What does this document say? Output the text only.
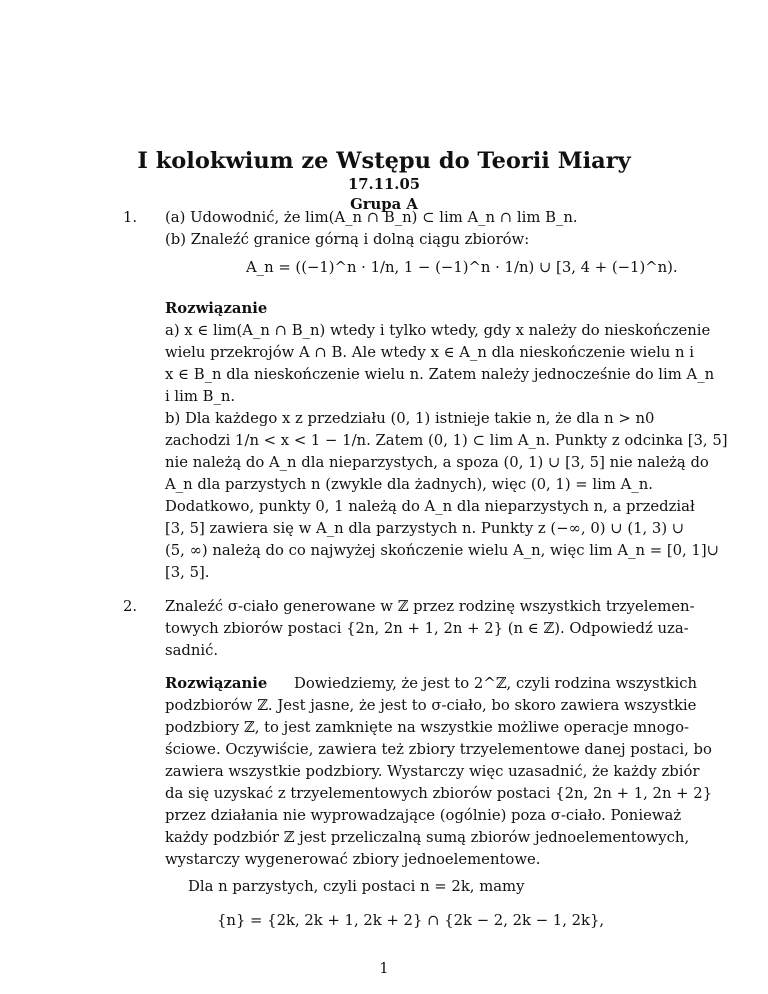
I kolokwium ze Wstępu do Teorii Miary
17.11.05
Grupa A
1. (a) Udowodnić, że lim(A_n ∩ B_n) ⊂ lim A_n ∩ lim B_n.
(b) Znaleźć granice górną i dolną ciągu zbiorów:
A_n = ((−1)^n · 1/n, 1 − (−1)^n · 1/n) ∪ [3, 4 + (−1)^n).
Rozwiązanie
a) x ∈ lim(A_n ∩ B_n) wtedy i tylko wtedy, gdy x należy do nieskończenie
wielu przekrojów A ∩ B. Ale wtedy x ∈ A_n dla nieskończenie wielu n i
x ∈ B_n dla nieskończenie wielu n. Zatem należy jednocześnie do lim A_n
i lim B_n.
b) Dla każdego x z przedziału (0, 1) istnieje takie n, że dla n > n0
zachodzi 1/n < x < 1 − 1/n. Zatem (0, 1) ⊂ lim A_n. Punkty z odcinka [3, 5]
nie należą do A_n dla nieparzystych, a spoza (0, 1) ∪ [3, 5] nie należą do
A_n dla parzystych n (zwykle dla żadnych), więc (0, 1) = lim A_n.
Dodatkowo, punkty 0, 1 należą do A_n dla nieparzystych n, a przedział
[3, 5] zawiera się w A_n dla parzystych n. Punkty z (−∞, 0) ∪ (1, 3) ∪
(5, ∞) należą do co najwyżej skończenie wielu A_n, więc lim A_n = [0, 1]∪
[3, 5].
2. Znaleźć σ-ciało generowane w ℤ przez rodzinę wszystkich trzyelemen-
towych zbiorów postaci {2n, 2n + 1, 2n + 2} (n ∈ ℤ). Odpowiedź uza-
sadnić.
Rozwiązanie Dowiedziemy, że jest to 2^ℤ, czyli rodzina wszystkich
podzbiorów ℤ. Jest jasne, że jest to σ-ciało, bo skoro zawiera wszystkie
podzbiory ℤ, to jest zamknięte na wszystkie możliwe operacje mnogo-
ściowe. Oczywiście, zawiera też zbiory trzyelementowe danej postaci, bo
zawiera wszystkie podzbiory. Wystarczy więc uzasadnić, że każdy zbiór
da się uzyskać z trzyelementowych zbiorów postaci {2n, 2n + 1, 2n + 2}
przez działania nie wyprowadzające (ogólnie) poza σ-ciało. Ponieważ
każdy podzbiór ℤ jest przeliczalną sumą zbiorów jednoelementowych,
wystarczy wygenerować zbiory jednoelementowe.
Dla n parzystych, czyli postaci n = 2k, mamy
{n} = {2k, 2k + 1, 2k + 2} ∩ {2k − 2, 2k − 1, 2k},
1
